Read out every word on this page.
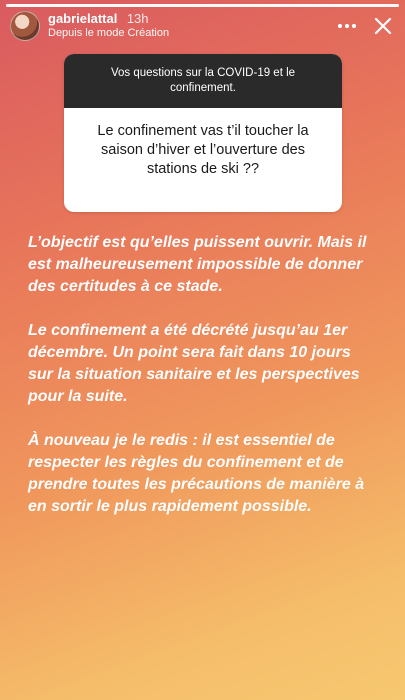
gabrielattal 13h
Depuis le mode Création
Vos questions sur la COVID-19 et le confinement.
Le confinement vas t’il toucher la saison d’hiver et l’ouverture des stations de ski ??

L’objectif est qu’elles puissent ouvrir. Mais il est malheureusement impossible de donner des certitudes à ce stade.

Le confinement a été décrété jusqu’au 1er décembre. Un point sera fait dans 10 jours sur la situation sanitaire et les perspectives pour la suite.

À nouveau je le redis : il est essentiel de respecter les règles du confinement et de prendre toutes les précautions de manière à en sortir le plus rapidement possible.
